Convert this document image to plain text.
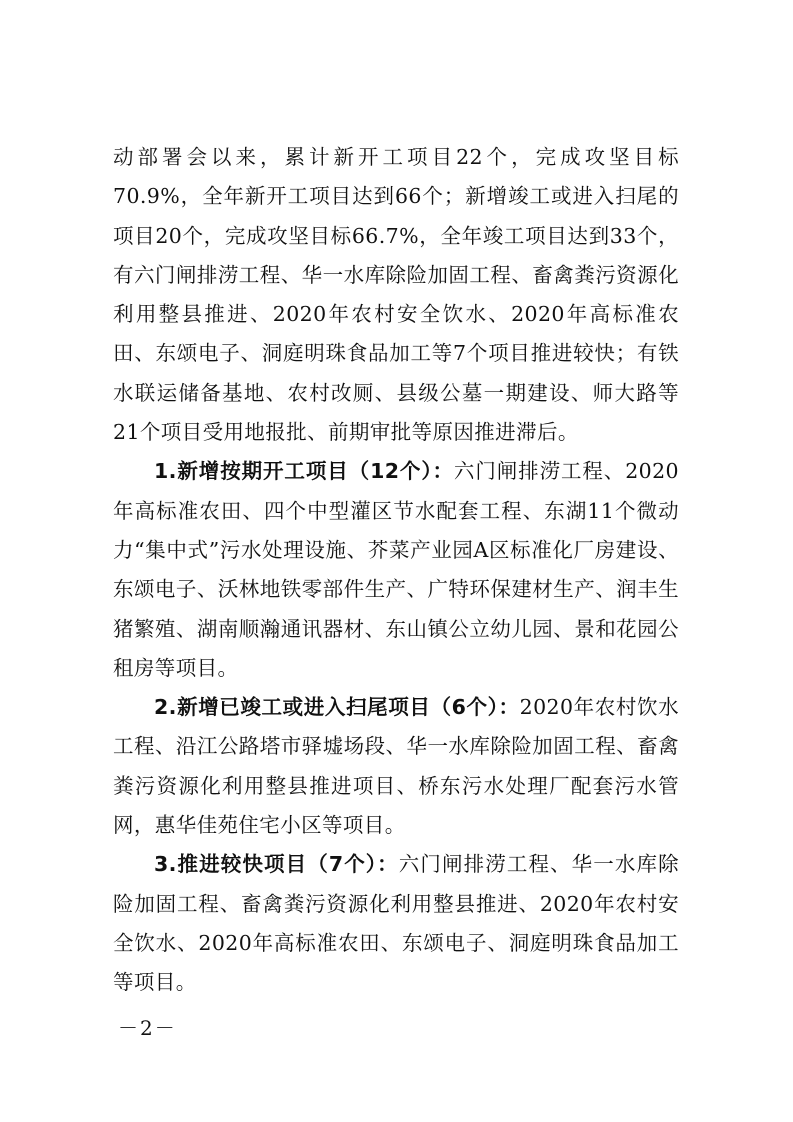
动部署会以来，累计新开工项目22个，完成攻坚目标70.9%，全年新开工项目达到66个；新增竣工或进入扫尾的项目20个，完成攻坚目标66.7%，全年竣工项目达到33个，有六门闸排涝工程、华一水库除险加固工程、畜禽粪污资源化利用整县推进、2020年农村安全饮水、2020年高标准农田、东颂电子、洞庭明珠食品加工等7个项目推进较快；有铁水联运储备基地、农村改厕、县级公墓一期建设、师大路等21个项目受用地报批、前期审批等原因推进滞后。

1.新增按期开工项目（12个）：六门闸排涝工程、2020年高标准农田、四个中型灌区节水配套工程、东湖11个微动力“集中式”污水处理设施、芥菜产业园A区标准化厂房建设、东颂电子、沃林地铁零部件生产、广特环保建材生产、润丰生猪繁殖、湖南顺瀚通讯器材、东山镇公立幼儿园、景和花园公租房等项目。

2.新增已竣工或进入扫尾项目（6个）：2020年农村饮水工程、沿江公路塔市驿墟场段、华一水库除险加固工程、畜禽粪污资源化利用整县推进项目、桥东污水处理厂配套污水管网，惠华佳苑住宅小区等项目。

3.推进较快项目（7个）：六门闸排涝工程、华一水库除险加固工程、畜禽粪污资源化利用整县推进、2020年农村安全饮水、2020年高标准农田、东颂电子、洞庭明珠食品加工等项目。

－2－
